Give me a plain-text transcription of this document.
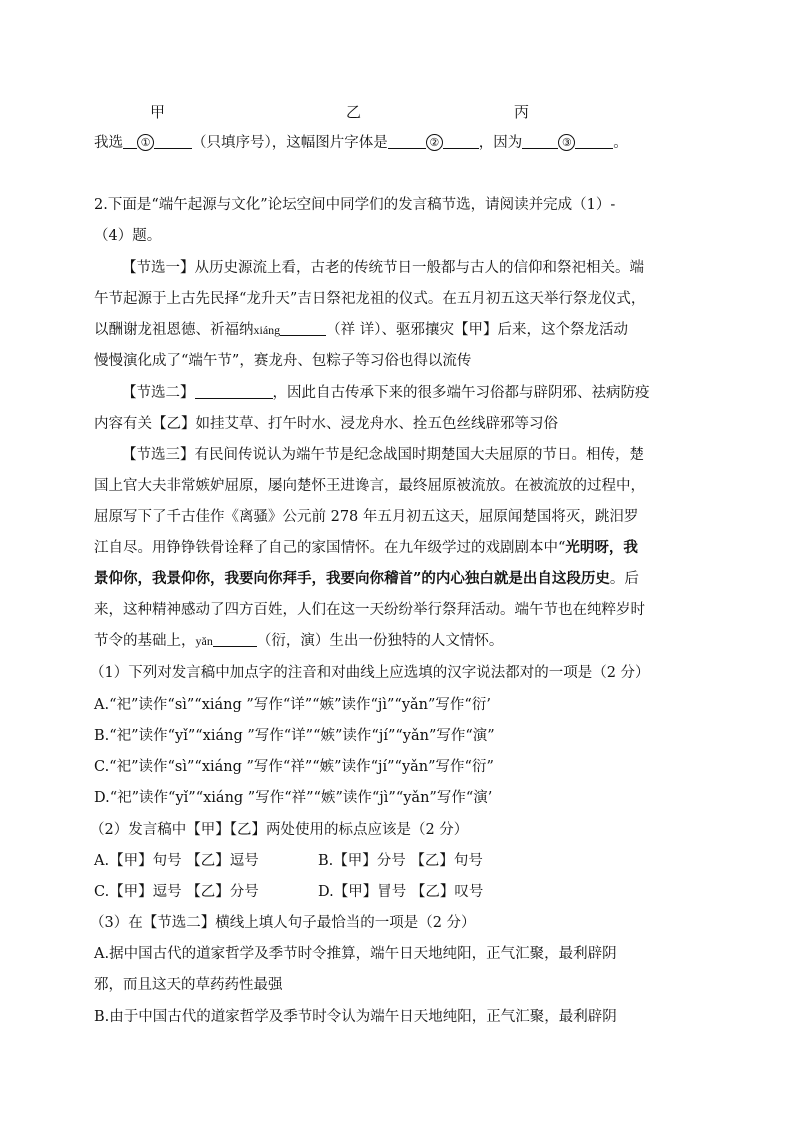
甲	乙	丙
我选 ①	（只填序号），这幅图片字体是	②	，因为	③	。
2.下面是“端午起源与文化”论坛空间中同学们的发言稿节选，请阅读并完成（1）-
（4）题。
【节选一】从历史源流上看，古老的传统节日一般都与古人的信仰和祭祀相关。端
午节起源于上古先民择“龙升天”吉日祭祀龙祖的仪式。在五月初五这天举行祭龙仪式，
以酬谢龙祖恩德、祈福纳xiáng	（祥 详）、驱邪攘灾【甲】后来，这个祭龙活动
慢慢演化成了“端午节”，赛龙舟、包粽子等习俗也得以流传
【节选二】	，因此自古传承下来的很多端午习俗都与辟阴邪、祛病防疫
内容有关【乙】如挂艾草、打午时水、浸龙舟水、拴五色丝线辟邪等习俗
【节选三】有民间传说认为端午节是纪念战国时期楚国大夫屈原的节日。相传，楚
国上官大夫非常嫉妒屈原，屡向楚怀王进谗言，最终屈原被流放。在被流放的过程中，
屈原写下了千古佳作《离骚》公元前 278 年五月初五这天，屈原闻楚国将灭，跳汨罗
江自尽。用铮铮铁骨诠释了自己的家国情怀。在九年级学过的戏剧剧本中“光明呀，我
景仰你，我景仰你，我要向你拜手，我要向你稽首”的内心独白就是出自这段历史。后
来，这种精神感动了四方百姓，人们在这一天纷纷举行祭拜活动。端午节也在纯粹岁时
节令的基础上，yǎn	（衍，演）生出一份独特的人文情怀。
（1）下列对发言稿中加点字的注音和对曲线上应选填的汉字说法都对的一项是（2 分）
A.“祀”读作“sì”“xiáng ”写作“详”“嫉”读作“jì”“yǎn”写作“衍’
B.“祀”读作“yǐ”“xiáng ”写作“详”“嫉”读作“jí”“yǎn”写作“演”
C.“祀”读作“sì”“xiáng ”写作“祥”“嫉”读作“jí”“yǎn”写作“衍”
D.“祀”读作“yǐ”“xiáng ”写作“祥”“嫉”读作“jì”“yǎn”写作“演’
（2）发言稿中【甲】【乙】两处使用的标点应该是（2 分）
A.【甲】句号 【乙】逗号	B.【甲】分号 【乙】句号
C.【甲】逗号 【乙】分号	D.【甲】冒号 【乙】叹号
（3）在【节选二】横线上填人句子最恰当的一项是（2 分）
A.据中国古代的道家哲学及季节时令推算，端午日天地纯阳，正气汇聚，最利辟阴
邪，而且这天的草药药性最强
B.由于中国古代的道家哲学及季节时令认为端午日天地纯阳，正气汇聚，最利辟阴
